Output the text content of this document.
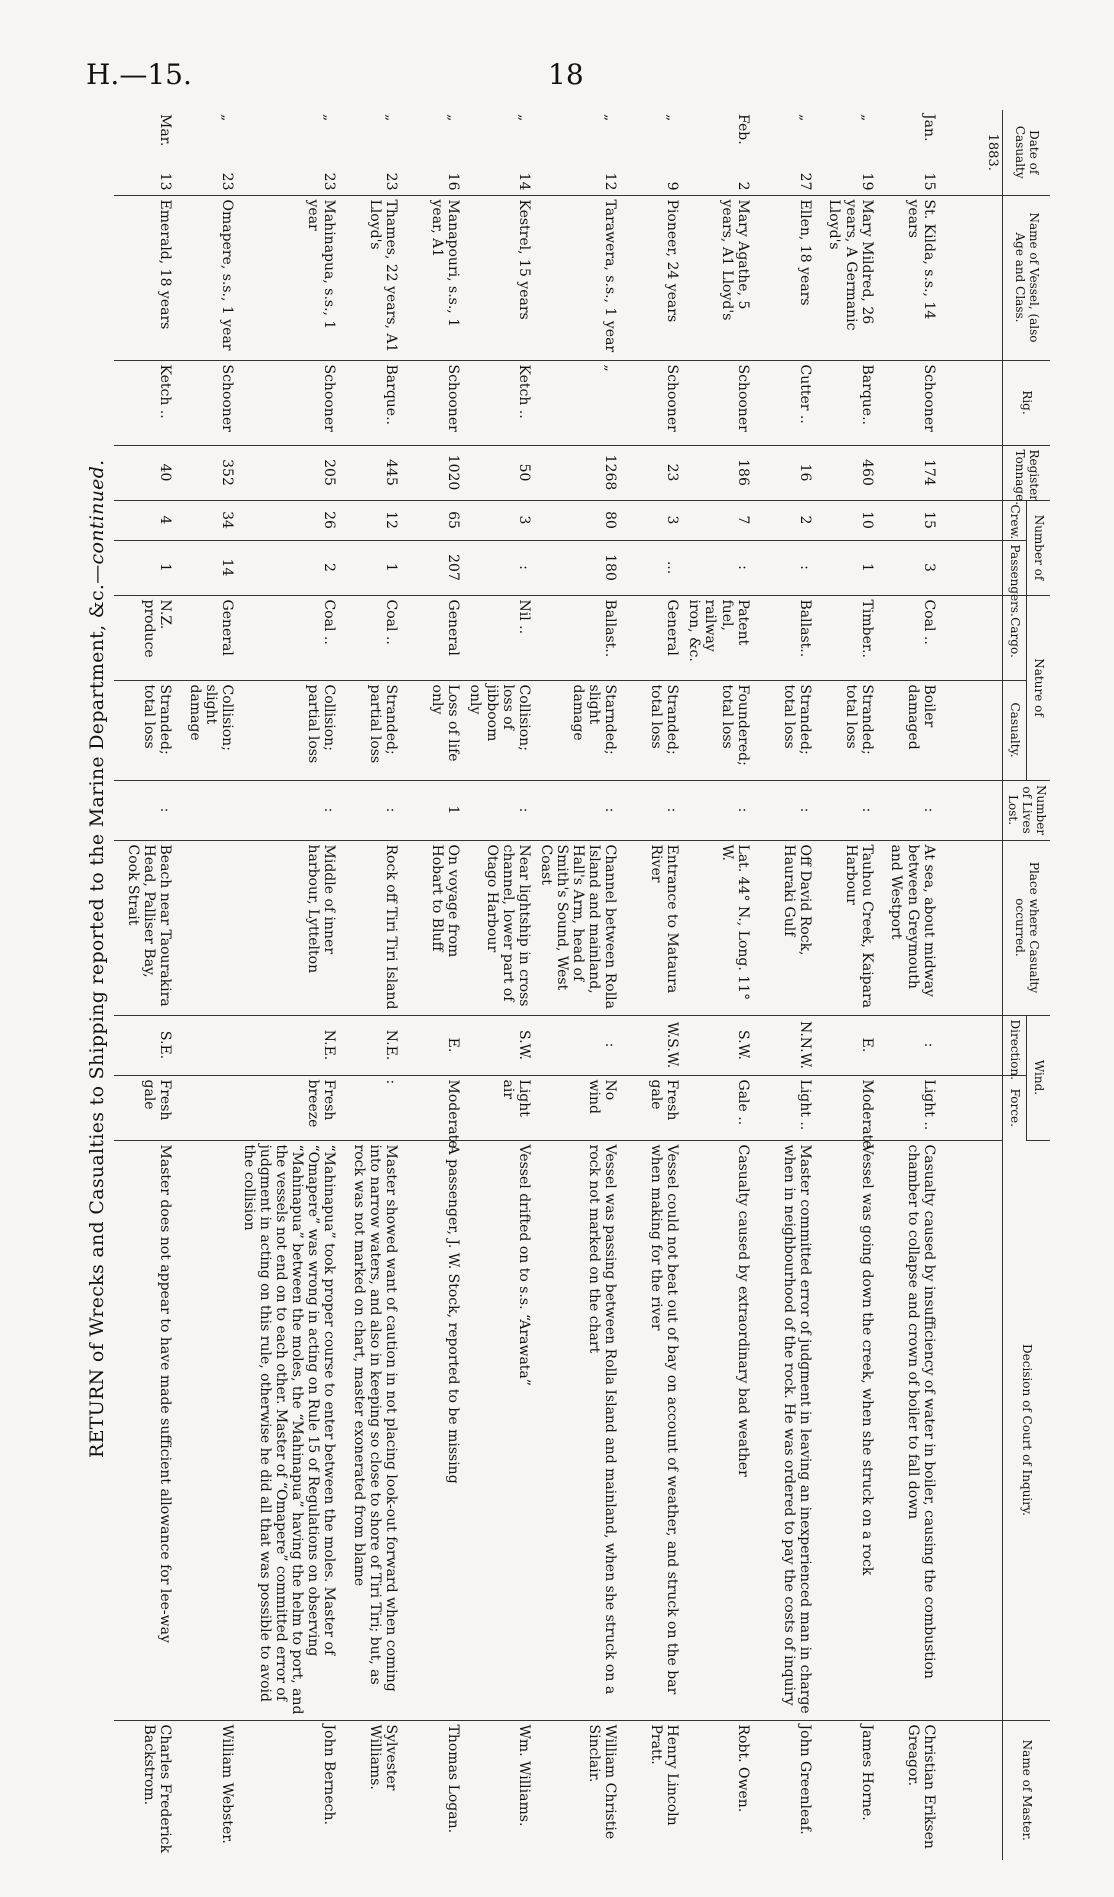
H.—15.	18
RETURN of Wrecks and Casualties to Shipping reported to the Marine Department, &c.—continued.
Date of Casualty	Name of Vessel, (also Age and Class.	Rig.	Register Tonnage.	Number of		Nature of		Number of Lives Lost.	Place where Casualty occurred.	Wind.		Decision of Court of Inquiry.	Name of Master.
				Crew.	Passengers.	Cargo.	Casualty.			Direction.	Force.		
1883.													
Jan.
15	St. Kilda, s.s., 14 years	Schooner	174	15	3	Coal ..	Boiler damaged	:	At sea, about midway between Greymouth and Westport	:	Light ..	Casualty caused by insufficiency of water in boiler, causing the combustion chamber to collapse and crown of boiler to fall down	Christian Eriksen Greagor.
„
19	Mary Mildred, 26 years, A Germanic Lloyd's	Barque..	460	10	1	Timber..	Stranded; total loss	:	Tauhou Creek, Kaipara Harbour	E.	Moderate	Vessel was going down the creek, when she struck on a rock	James Horne.
„
27	Ellen, 18 years	Cutter ..	16	2	:	Ballast..	Stranded; total loss	:	Off David Rock, Hauraki Gulf	N.N.W.	Light ..	Master committed error of judgment in leaving an inexperienced man in charge when in neighbourhood of the rock. He was ordered to pay the costs of inquiry	John Greenleaf.
Feb.
2	Mary Agathe, 5 years, A1 Lloyd's	Schooner	186	7	:	Patent fuel, railway iron, &c.	Foundered; total loss	:	Lat. 44° N., Long. 11° W.	S.W.	Gale ..	Casualty caused by extraordinary bad weather	Robt. Owen.
„
9	Pioneer, 24 years	Schooner	23	3	...	General	Stranded; total loss	:	Entrance to Mataura River	W.S.W.	Fresh gale	Vessel could not beat out of bay on account of weather, and struck on the bar when making for the river	Henry Lincoln Pratt.
„
12	Tarawera, s.s., 1 year	„	1268	80	180	Ballast..	Starnded; slight damage	:	Channel between Rolla Island and mainland, Hall's Arm, head of Smith's Sound, West Coast	:	No wind	Vessel was passing between Rolla Island and mainland, when she struck on a rock not marked on the chart	William Christie Sinclair.
„
14	Kestrel, 15 years	Ketch ..	50	3	:	Nil ..	Collision; loss of jibboom only	:	Near lightship in cross channel, lower part of Otago Harbour	S.W.	Light air	Vessel drifted on to s.s. “Arawata”	Wm. Williams.
„
16	Manapouri, s.s., 1 year, A1	Schooner	1020	65	207	General	Loss of life only	1	On voyage from Hobart to Bluff	E.	Moderate	A passenger, J. W. Stock, reported to be missing	Thomas Logan.
„
23	Thames, 22 years, A1 Lloyd's	Barque..	445	12	1	Coal ..	Stranded; partial loss	:	Rock off Tiri Tiri Island	N.E.	:	Master showed want of caution in not placing look-out forward when coming into narrow waters, and also in keeping so close to shore of Tiri Tiri; but, as rock was not marked on chart, master exonerated from blame	Sylvester Williams.
„
23	Mahinapua, s.s., 1 year	Schooner	205	26	2	Coal ..	Collision; partial loss	:	Middle of inner harbour, Lyttelton	N.E.	Fresh breeze	“Mahinapua” took proper course to enter between the moles. Master of “Omapere” was wrong in acting on Rule 15 of Regulations on observing “Mahinapua” between the moles, the “Mahinapua” having the helm to port, and the vessels not end on to each other. Master of “Omapere” committed error of judgment in acting on this rule, otherwise he did all that was possible to avoid the collision	John Bernech.
„
23	Omapere, s.s., 1 year	Schooner	352	34	14	General	Collision; slight damage						William Webster.
Mar.
13	Emerald, 18 years	Ketch ..	40	4	1	N.Z. produce	Stranded; total loss	:	Beach near Taourakira Head, Palliser Bay, Cook Strait	S.E.	Fresh gale	Master does not appear to have made sufficient allowance for lee-way	Charles Frederick Backstrom.
